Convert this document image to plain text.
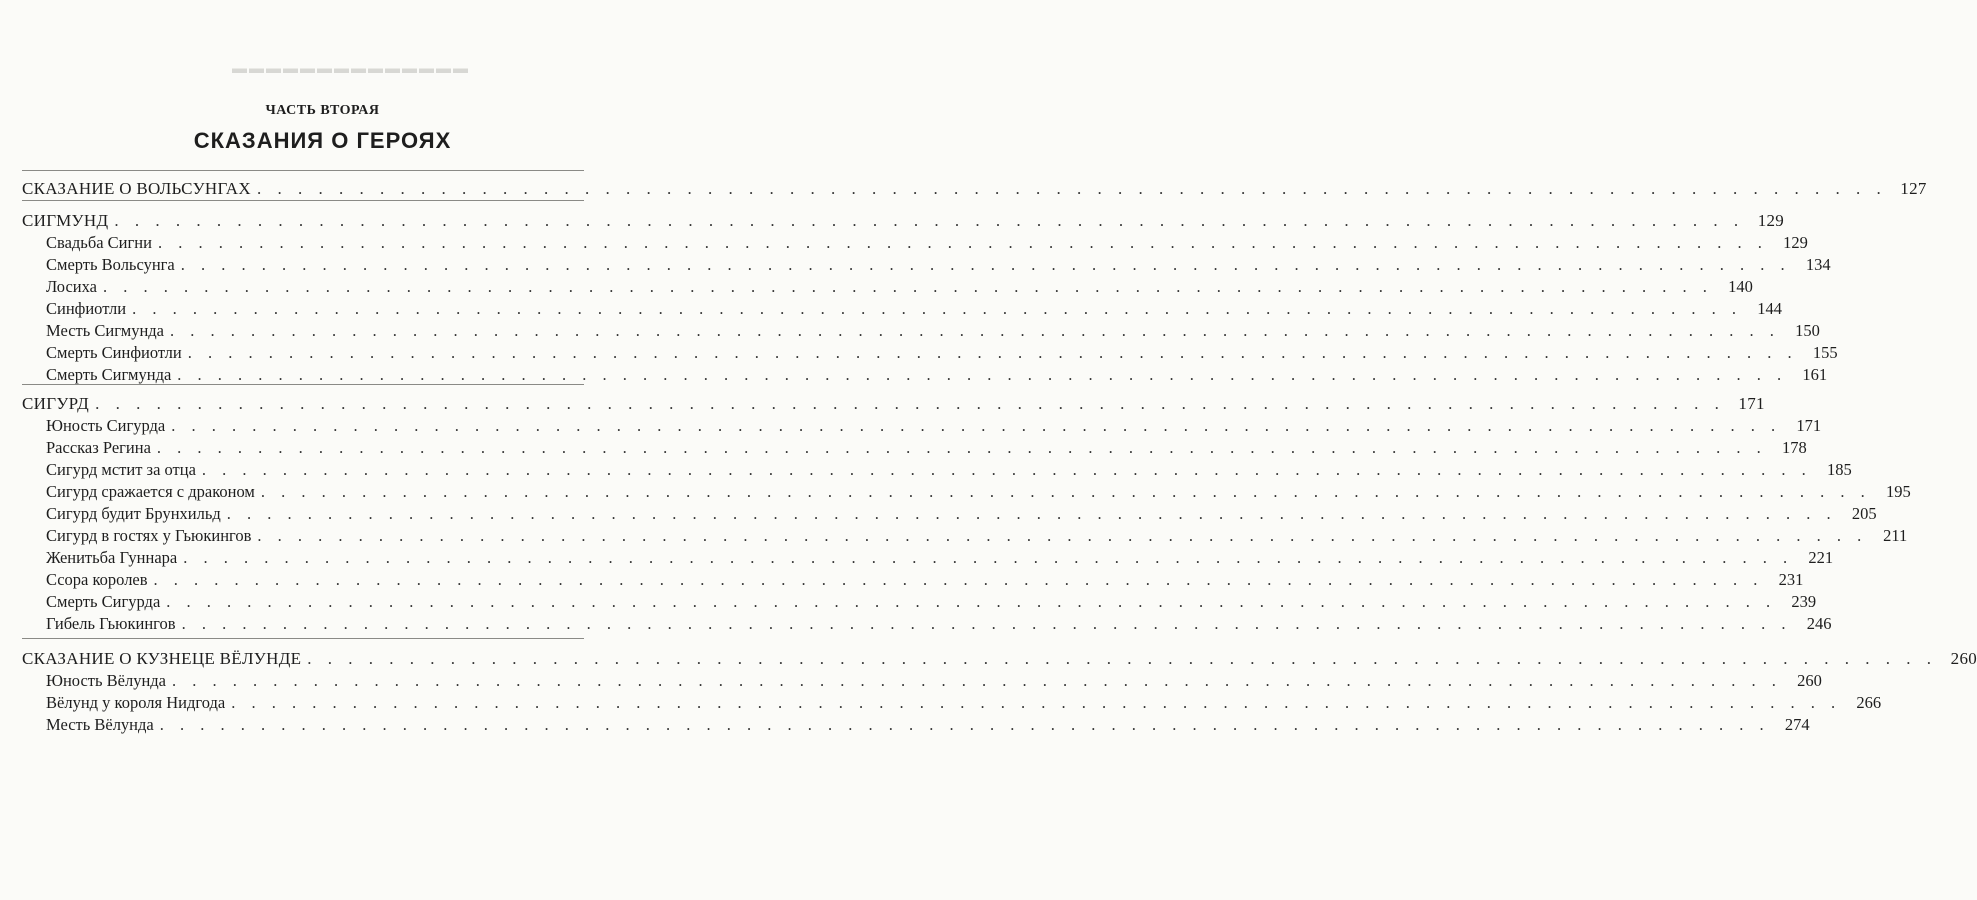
▬▬▬▬▬▬▬▬▬▬▬▬▬▬
ЧАСТЬ ВТОРАЯ
СКАЗАНИЯ О ГЕРОЯХ
СКАЗАНИЕ О ВОЛЬСУНГАХ . . . . . . . . . . . . . . . . . . . . . . . . . . . . . . . . . . . . . . . . . . . . . . . . . . . . . . . . . . . . . . . . . . . . . . . . . . . . . . . . 127
СИГМУНД . . . . . . . . . . . . . . . . . . . . . . . . . . . . . . . . . . . . . . . . . . . . . . . . . . . . . . . . . . . . . . . . . . . . . . . . . . . . . . . . 129
Свадьба Сигни . . . . . . . . . . . . . . . . . . . . . . . . . . . . . . . . . . . . . . . . . . . . . . . . . . . . . . . . . . . . . . . . . . . . . . . . . . . . . . . . 129
Смерть Вольсунга . . . . . . . . . . . . . . . . . . . . . . . . . . . . . . . . . . . . . . . . . . . . . . . . . . . . . . . . . . . . . . . . . . . . . . . . . . . . . . . . 134
Лосиха . . . . . . . . . . . . . . . . . . . . . . . . . . . . . . . . . . . . . . . . . . . . . . . . . . . . . . . . . . . . . . . . . . . . . . . . . . . . . . . . 140
Синфиотли . . . . . . . . . . . . . . . . . . . . . . . . . . . . . . . . . . . . . . . . . . . . . . . . . . . . . . . . . . . . . . . . . . . . . . . . . . . . . . . . 144
Месть Сигмунда . . . . . . . . . . . . . . . . . . . . . . . . . . . . . . . . . . . . . . . . . . . . . . . . . . . . . . . . . . . . . . . . . . . . . . . . . . . . . . . . 150
Смерть Синфиотли . . . . . . . . . . . . . . . . . . . . . . . . . . . . . . . . . . . . . . . . . . . . . . . . . . . . . . . . . . . . . . . . . . . . . . . . . . . . . . . . 155
Смерть Сигмунда . . . . . . . . . . . . . . . . . . . . . . . . . . . . . . . . . . . . . . . . . . . . . . . . . . . . . . . . . . . . . . . . . . . . . . . . . . . . . . . . 161
СИГУРД . . . . . . . . . . . . . . . . . . . . . . . . . . . . . . . . . . . . . . . . . . . . . . . . . . . . . . . . . . . . . . . . . . . . . . . . . . . . . . . . 171
Юность Сигурда . . . . . . . . . . . . . . . . . . . . . . . . . . . . . . . . . . . . . . . . . . . . . . . . . . . . . . . . . . . . . . . . . . . . . . . . . . . . . . . . 171
Рассказ Регина . . . . . . . . . . . . . . . . . . . . . . . . . . . . . . . . . . . . . . . . . . . . . . . . . . . . . . . . . . . . . . . . . . . . . . . . . . . . . . . . 178
Сигурд мстит за отца . . . . . . . . . . . . . . . . . . . . . . . . . . . . . . . . . . . . . . . . . . . . . . . . . . . . . . . . . . . . . . . . . . . . . . . . . . . . . . . . 185
Сигурд сражается с драконом . . . . . . . . . . . . . . . . . . . . . . . . . . . . . . . . . . . . . . . . . . . . . . . . . . . . . . . . . . . . . . . . . . . . . . . . . . . . . . . . 195
Сигурд будит Брунхильд . . . . . . . . . . . . . . . . . . . . . . . . . . . . . . . . . . . . . . . . . . . . . . . . . . . . . . . . . . . . . . . . . . . . . . . . . . . . . . . . 205
Сигурд в гостях у Гьюкингов . . . . . . . . . . . . . . . . . . . . . . . . . . . . . . . . . . . . . . . . . . . . . . . . . . . . . . . . . . . . . . . . . . . . . . . . . . . . . . . . 211
Женитьба Гуннара . . . . . . . . . . . . . . . . . . . . . . . . . . . . . . . . . . . . . . . . . . . . . . . . . . . . . . . . . . . . . . . . . . . . . . . . . . . . . . . . 221
Ссора королев . . . . . . . . . . . . . . . . . . . . . . . . . . . . . . . . . . . . . . . . . . . . . . . . . . . . . . . . . . . . . . . . . . . . . . . . . . . . . . . . 231
Смерть Сигурда . . . . . . . . . . . . . . . . . . . . . . . . . . . . . . . . . . . . . . . . . . . . . . . . . . . . . . . . . . . . . . . . . . . . . . . . . . . . . . . . 239
Гибель Гьюкингов . . . . . . . . . . . . . . . . . . . . . . . . . . . . . . . . . . . . . . . . . . . . . . . . . . . . . . . . . . . . . . . . . . . . . . . . . . . . . . . . 246
СКАЗАНИЕ О КУЗНЕЦЕ ВЁЛУНДЕ . . . . . . . . . . . . . . . . . . . . . . . . . . . . . . . . . . . . . . . . . . . . . . . . . . . . . . . . . . . . . . . . . . . . . . . . . . . . . . . . 260
Юность Вёлунда . . . . . . . . . . . . . . . . . . . . . . . . . . . . . . . . . . . . . . . . . . . . . . . . . . . . . . . . . . . . . . . . . . . . . . . . . . . . . . . . 260
Вёлунд у короля Нидгода . . . . . . . . . . . . . . . . . . . . . . . . . . . . . . . . . . . . . . . . . . . . . . . . . . . . . . . . . . . . . . . . . . . . . . . . . . . . . . . . 266
Месть Вёлунда . . . . . . . . . . . . . . . . . . . . . . . . . . . . . . . . . . . . . . . . . . . . . . . . . . . . . . . . . . . . . . . . . . . . . . . . . . . . . . . . 274
